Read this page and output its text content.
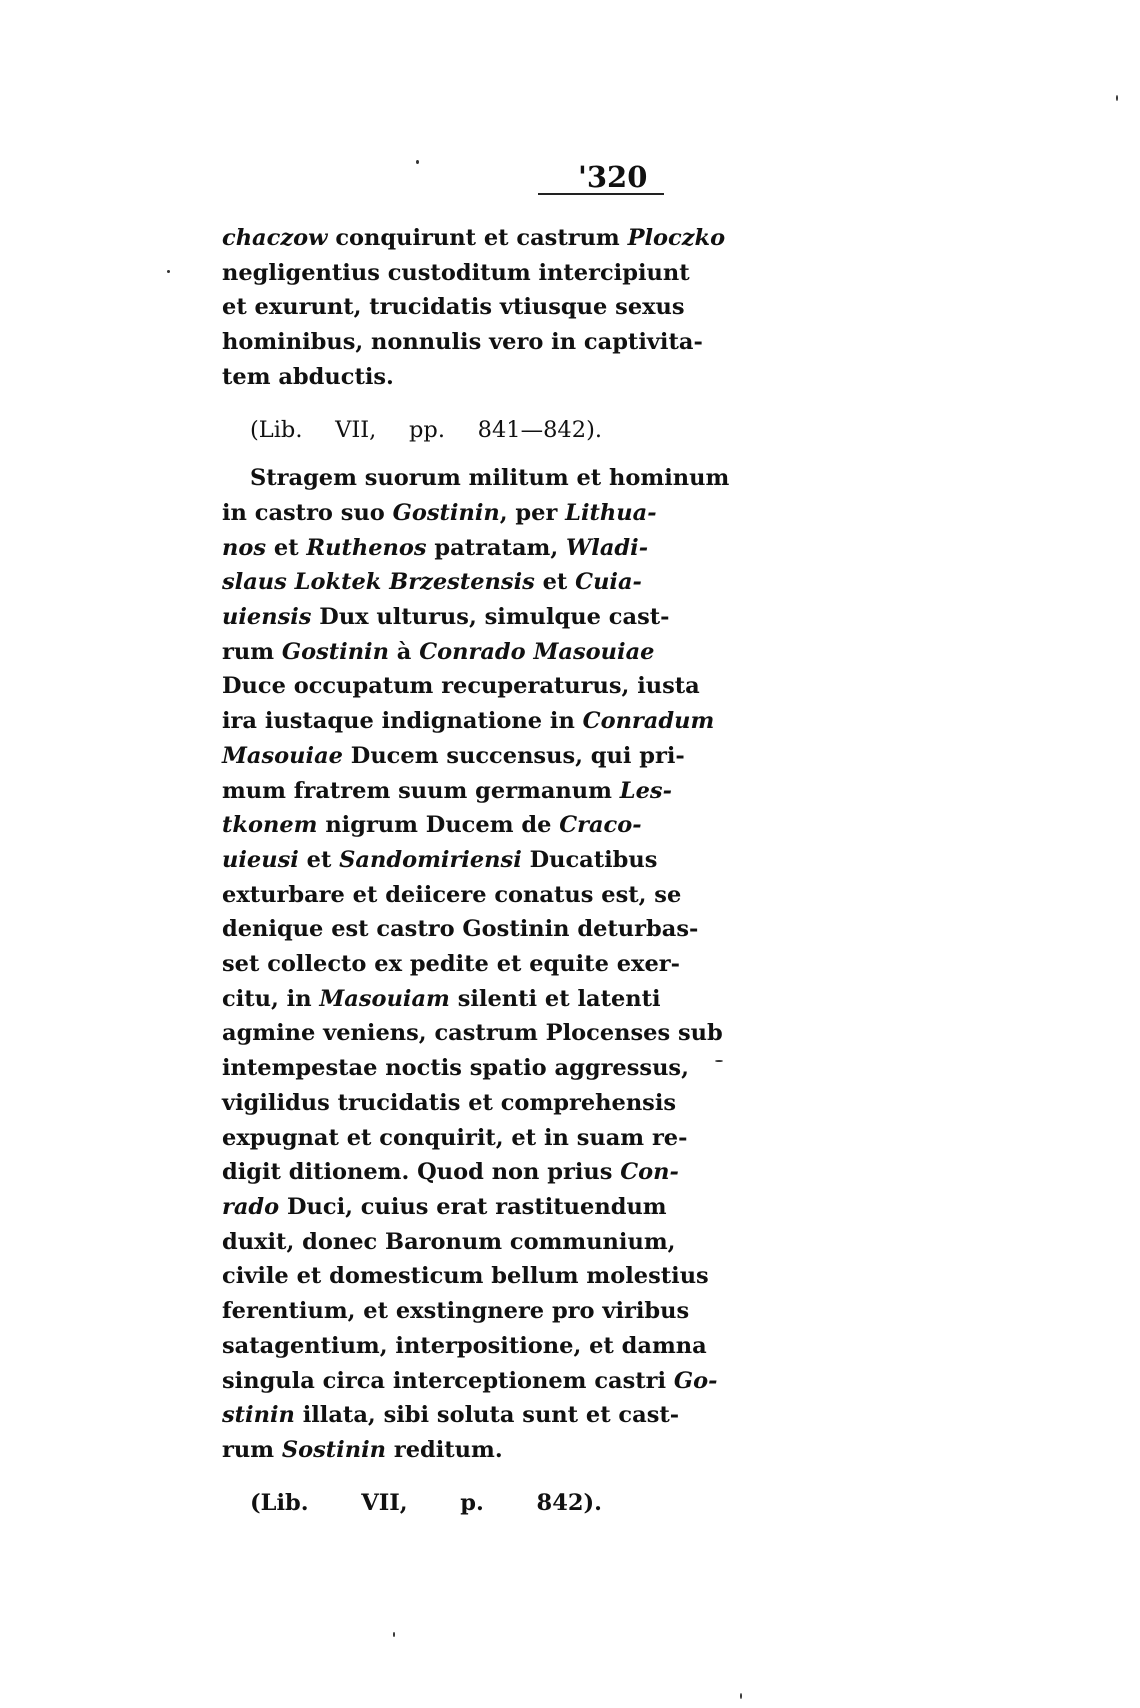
'320
chaczow conquirunt et castrum Ploczko
negligentius custoditum intercipiunt
et exurunt, trucidatis vtiusque sexus
hominibus, nonnulis vero in captivita-
tem abductis.
(Lib. VII, pp. 841—842).
Stragem suorum militum et hominum
in castro suo Gostinin, per Lithua-
nos et Ruthenos patratam, Wladi-
slaus Loktek Brzestensis et Cuia-
uiensis Dux ulturus, simulque cast-
rum Gostinin à Conrado Masouiae
Duce occupatum recuperaturus, iusta
ira iustaque indignatione in Conradum
Masouiae Ducem succensus, qui pri-
mum fratrem suum germanum Les-
tkonem nigrum Ducem de Craco-
uieusi et Sandomiriensi Ducatibus
exturbare et deiicere conatus est, se
denique est castro Gostinin deturbas-
set collecto ex pedite et equite exer-
citu, in Masouiam silenti et latenti
agmine veniens, castrum Plocenses sub
intempestae noctis spatio aggressus,
vigilidus trucidatis et comprehensis
expugnat et conquirit, et in suam re-
digit ditionem. Quod non prius Con-
rado Duci, cuius erat rastituendum
duxit, donec Baronum communium,
civile et domesticum bellum molestius
ferentium, et exstingnere pro viribus
satagentium, interpositione, et damna
singula circa interceptionem castri Go-
stinin illata, sibi soluta sunt et cast-
rum Sostinin reditum.
(Lib. VII, p. 842).
